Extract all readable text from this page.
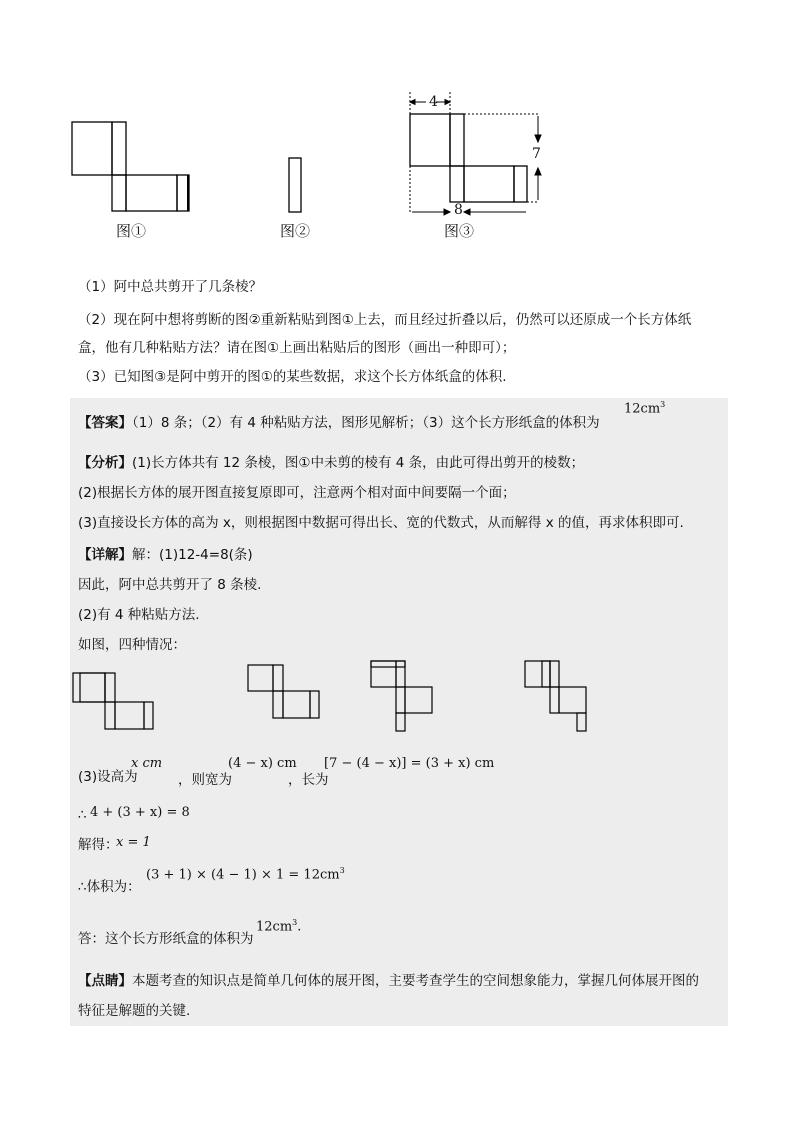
图①	图②
4
7
8
图③
（1）阿中总共剪开了几条棱？
（2）现在阿中想将剪断的图②重新粘贴到图①上去，而且经过折叠以后，仍然可以还原成一个长方体纸
盒，他有几种粘贴方法？请在图①上画出粘贴后的图形（画出一种即可）；
（3）已知图③是阿中剪开的图①的某些数据，求这个长方体纸盒的体积.
【答案】（1）8 条；（2）有 4 种粘贴方法，图形见解析；（3）这个长方形纸盒的体积为
$12cm^3$
【分析】(1)长方体共有 12 条棱，图①中未剪的棱有 4 条，由此可得出剪开的棱数；
(2)根据长方体的展开图直接复原即可，注意两个相对面中间要隔一个面；
(3)直接设长方体的高为 x，则根据图中数据可得出长、宽的代数式，从而解得 x 的值，再求体积即可.
【详解】解：(1)12-4=8(条)
因此，阿中总共剪开了 8 条棱.
(2)有 4 种粘贴方法.
如图，四种情况：
(3)设高为
x cm
，则宽为
(4 − x) cm
，长为
[7 − (4 − x)] = (3 + x) cm
∴ 4 + (3 + x) = 8
解得：
x = 1
∴体积为：
$(3 + 1) \times (4 - 1) \times 1 = 12cm^3$
答：这个长方形纸盒的体积为
$12cm^3$.
【点睛】本题考查的知识点是简单几何体的展开图，主要考查学生的空间想象能力，掌握几何体展开图的
特征是解题的关键.
